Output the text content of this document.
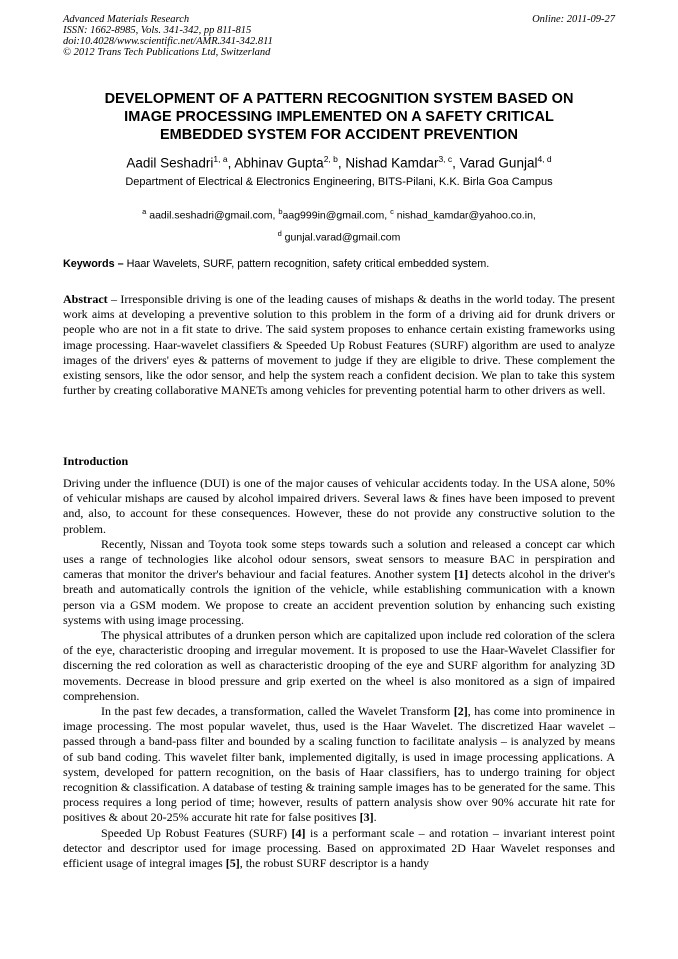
Advanced Materials Research
ISSN: 1662-8985, Vols. 341-342, pp 811-815
doi:10.4028/www.scientific.net/AMR.341-342.811
© 2012 Trans Tech Publications Ltd, Switzerland
Online: 2011-09-27
DEVELOPMENT OF A PATTERN RECOGNITION SYSTEM BASED ON
IMAGE PROCESSING IMPLEMENTED ON A SAFETY CRITICAL
EMBEDDED SYSTEM FOR ACCIDENT PREVENTION
Aadil Seshadri$^{1, a}$, Abhinav Gupta$^{2, b}$, Nishad Kamdar$^{3, c}$, Varad Gunjal$^{4, d}$
Department of Electrical & Electronics Engineering, BITS-Pilani, K.K. Birla Goa Campus
$^a$ aadil.seshadri@gmail.com, $^b$aag999in@gmail.com, $^c$ nishad_kamdar@yahoo.co.in,
$^d$ gunjal.varad@gmail.com
Keywords – Haar Wavelets, SURF, pattern recognition, safety critical embedded system.

Abstract – Irresponsible driving is one of the leading causes of mishaps & deaths in the world today. The present work aims at developing a preventive solution to this problem in the form of a driving aid for drunk drivers or people who are not in a fit state to drive. The said system proposes to enhance certain existing frameworks using image processing. Haar-wavelet classifiers & Speeded Up Robust Features (SURF) algorithm are used to analyze images of the drivers' eyes & patterns of movement to judge if they are eligible to drive. These complement the existing sensors, like the odor sensor, and help the system reach a confident decision. We plan to take this system further by creating collaborative MANETs among vehicles for preventing potential harm to other drivers as well.

Introduction

Driving under the influence (DUI) is one of the major causes of vehicular accidents today. In the USA alone, 50% of vehicular mishaps are caused by alcohol impaired drivers. Several laws & fines have been imposed to prevent and, also, to account for these consequences. However, these do not provide any constructive solution to the problem.

Recently, Nissan and Toyota took some steps towards such a solution and released a concept car which uses a range of technologies like alcohol odour sensors, sweat sensors to measure BAC in perspiration and cameras that monitor the driver's behaviour and facial features. Another system [1] detects alcohol in the driver's breath and automatically controls the ignition of the vehicle, while establishing communication with a known person via a GSM modem. We propose to create an accident prevention solution by enhancing such existing systems with using image processing.

The physical attributes of a drunken person which are capitalized upon include red coloration of the sclera of the eye, characteristic drooping and irregular movement. It is proposed to use the Haar-Wavelet Classifier for discerning the red coloration as well as characteristic drooping of the eye and SURF algorithm for analyzing 3D movements. Decrease in blood pressure and grip exerted on the wheel is also monitored as a sign of impaired comprehension.

In the past few decades, a transformation, called the Wavelet Transform [2], has come into prominence in image processing. The most popular wavelet, thus, used is the Haar Wavelet. The discretized Haar wavelet – passed through a band-pass filter and bounded by a scaling function to facilitate analysis – is analyzed by means of sub band coding. This wavelet filter bank, implemented digitally, is used in image processing applications. A system, developed for pattern recognition, on the basis of Haar classifiers, has to undergo training for object recognition & classification. A database of testing & training sample images has to be generated for the same. This process requires a long period of time; however, results of pattern analysis show over 90% accurate hit rate for positives & about 20-25% accurate hit rate for false positives [3].

Speeded Up Robust Features (SURF) [4] is a performant scale – and rotation – invariant interest point detector and descriptor used for image processing. Based on approximated 2D Haar Wavelet responses and efficient usage of integral images [5], the robust SURF descriptor is a handy
